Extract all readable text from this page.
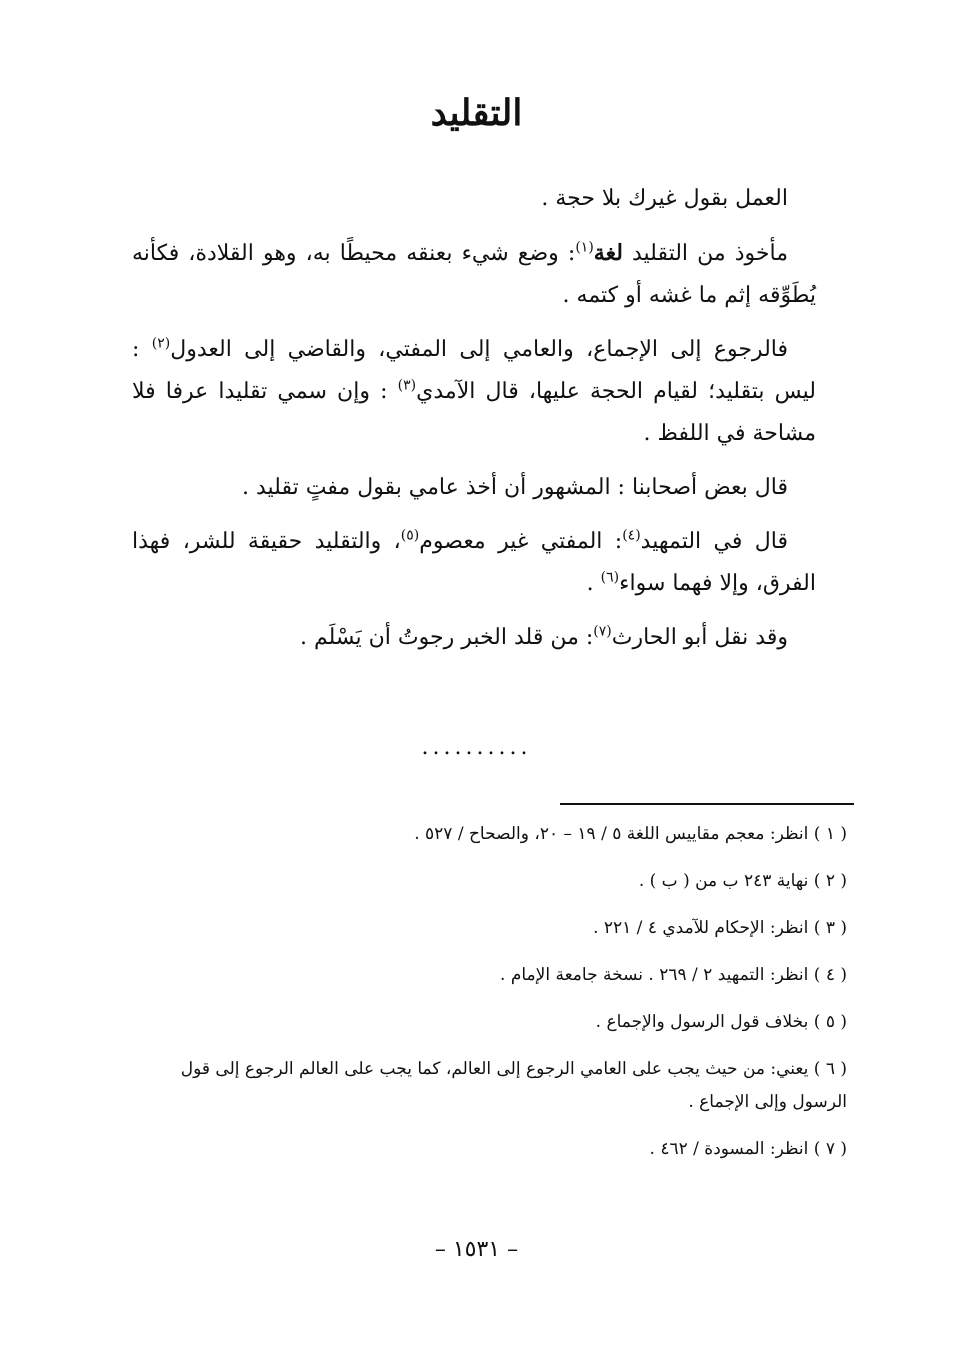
التقليد

العمل بقول غيرك بلا حجة .

مأخوذ من التقليد لغة$^{(١)}$: وضع شيء بعنقه محيطًا به، وهو القلادة، فكأنه يُطَوِّقه إثم ما غشه أو كتمه .

فالرجوع إلى الإجماع، والعامي إلى المفتي، والقاضي إلى العدول$^{(٢)}$ : ليس بتقليد؛ لقيام الحجة عليها، قال الآمدي$^{(٣)}$ : وإن سمي تقليدا عرفا فلا مشاحة في اللفظ .

قال بعض أصحابنا : المشهور أن أخذ عامي بقول مفتٍ تقليد .

قال في التمهيد$^{(٤)}$: المفتي غير معصوم$^{(٥)}$، والتقليد حقيقة للشر، فهذا الفرق، وإلا فهما سواء$^{(٦)}$ .

وقد نقل أبو الحارث$^{(٧)}$: من قلد الخبر رجوتُ أن يَسْلَم .

..........
( ١ ) انظر: معجم مقاييس اللغة ٥ / ١٩ – ٢٠، والصحاح / ٥٢٧ .
( ٢ ) نهاية ٢٤٣ ب من ( ب ) .
( ٣ ) انظر: الإحكام للآمدي ٤ / ٢٢١ .
( ٤ ) انظر: التمهيد ٢ / ٢٦٩ . نسخة جامعة الإمام .
( ٥ ) بخلاف قول الرسول والإجماع .
( ٦ ) يعني: من حيث يجب على العامي الرجوع إلى العالم، كما يجب على العالم الرجوع إلى قول الرسول وإلى الإجماع .
( ٧ ) انظر: المسودة / ٤٦٢ .
– ١٥٣١ –
